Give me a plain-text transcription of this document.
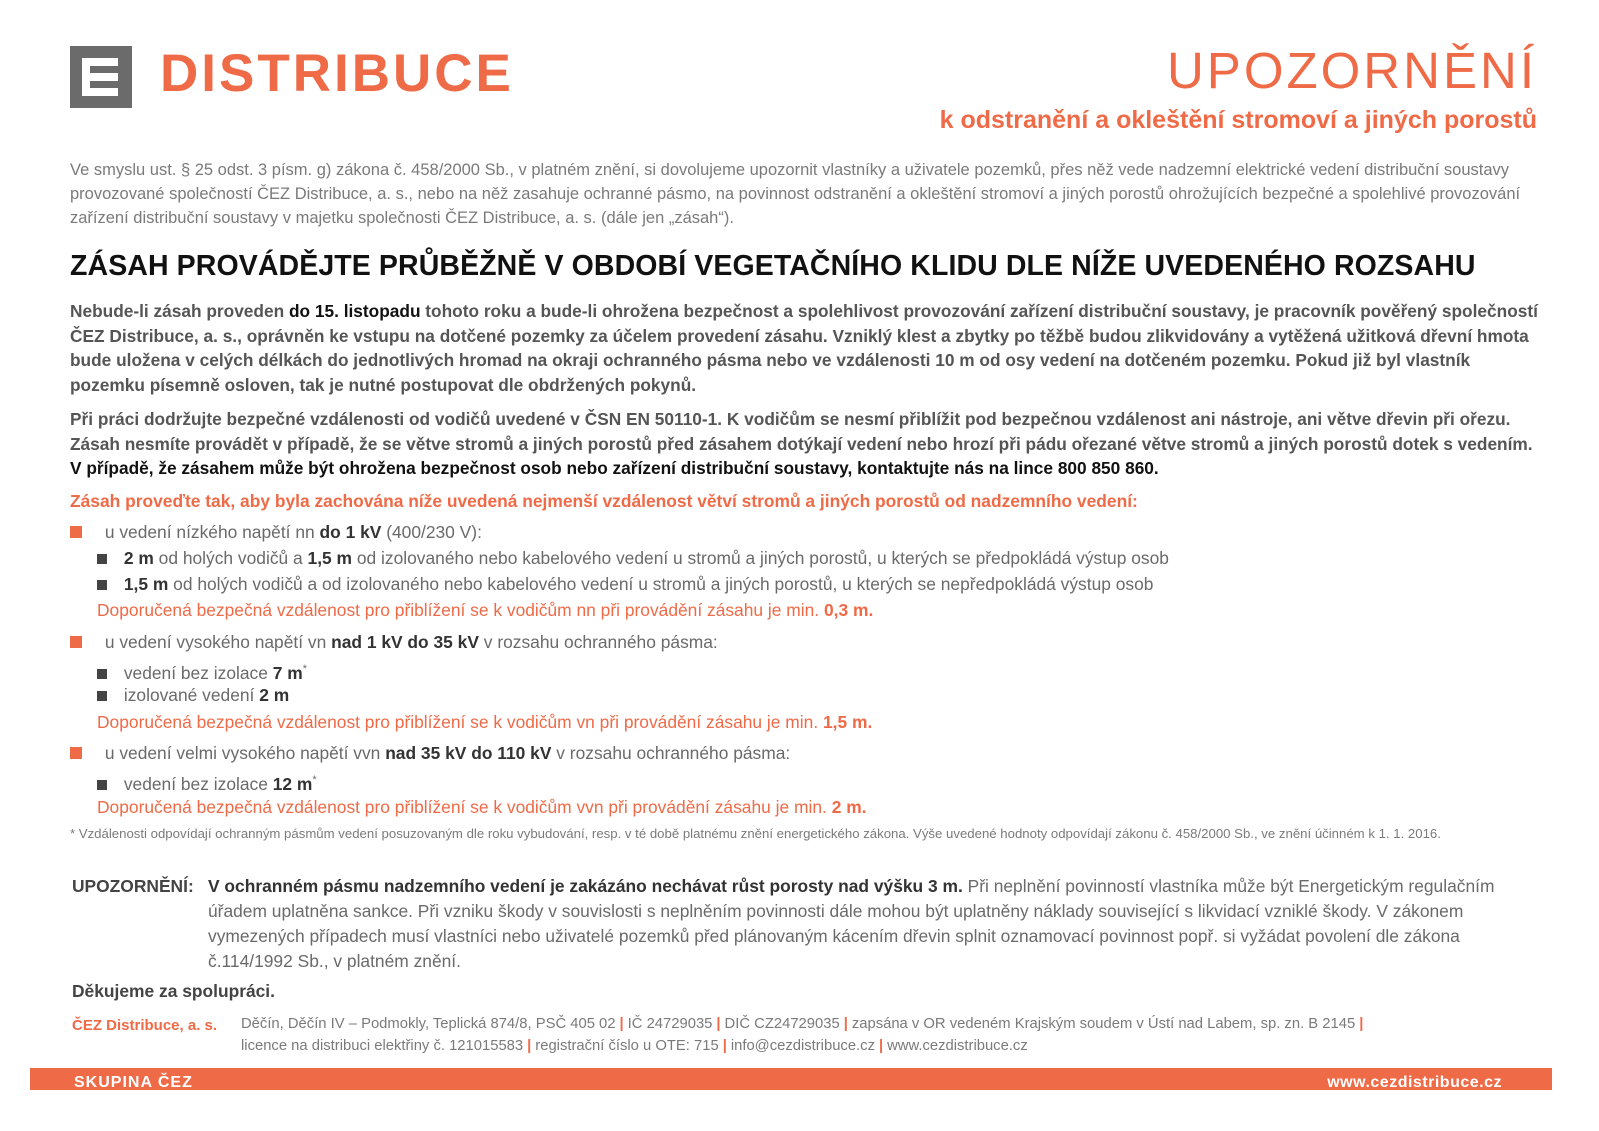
DISTRIBUCE	UPOZORNĚNÍ
k odstranění a okleštění stromoví a jiných porostů
Ve smyslu ust. § 25 odst. 3 písm. g) zákona č. 458/2000 Sb., v platném znění, si dovolujeme upozornit vlastníky a uživatele pozemků, přes něž vede nadzemní elektrické vedení distribuční soustavy provozované společností ČEZ Distribuce, a. s., nebo na něž zasahuje ochranné pásmo, na povinnost odstranění a okleštění stromoví a jiných porostů ohrožujících bezpečné a spolehlivé provozování zařízení distribuční soustavy v majetku společnosti ČEZ Distribuce, a. s. (dále jen „zásah“).
ZÁSAH PROVÁDĚJTE PRŮBĚŽNĚ V OBDOBÍ VEGETAČNÍHO KLIDU DLE NÍŽE UVEDENÉHO ROZSAHU
Nebude-li zásah proveden do 15. listopadu tohoto roku a bude-li ohrožena bezpečnost a spolehlivost provozování zařízení distribuční soustavy, je pracovník pověřený společností ČEZ Distribuce, a. s., oprávněn ke vstupu na dotčené pozemky za účelem provedení zásahu. Vzniklý klest a zbytky po těžbě budou zlikvidovány a vytěžená užitková dřevní hmota bude uložena v celých délkách do jednotlivých hromad na okraji ochranného pásma nebo ve vzdálenosti 10 m od osy vedení na dotčeném pozemku. Pokud již byl vlastník pozemku písemně osloven, tak je nutné postupovat dle obdržených pokynů.
Při práci dodržujte bezpečné vzdálenosti od vodičů uvedené v ČSN EN 50110-1. K vodičům se nesmí přiblížit pod bezpečnou vzdálenost ani nástroje, ani větve dřevin při ořezu. Zásah nesmíte provádět v případě, že se větve stromů a jiných porostů před zásahem dotýkají vedení nebo hrozí při pádu ořezané větve stromů a jiných porostů dotek s vedením. V případě, že zásahem může být ohrožena bezpečnost osob nebo zařízení distribuční soustavy, kontaktujte nás na lince 800 850 860.
Zásah proveďte tak, aby byla zachována níže uvedená nejmenší vzdálenost větví stromů a jiných porostů od nadzemního vedení:
u vedení nízkého napětí nn do 1 kV (400/230 V):
2 m od holých vodičů a 1,5 m od izolovaného nebo kabelového vedení u stromů a jiných porostů, u kterých se předpokládá výstup osob
1,5 m od holých vodičů a od izolovaného nebo kabelového vedení u stromů a jiných porostů, u kterých se nepředpokládá výstup osob
Doporučená bezpečná vzdálenost pro přiblížení se k vodičům nn při provádění zásahu je min. 0,3 m.
u vedení vysokého napětí vn nad 1 kV do 35 kV v rozsahu ochranného pásma:
vedení bez izolace 7 m*
izolované vedení 2 m
Doporučená bezpečná vzdálenost pro přiblížení se k vodičům vn při provádění zásahu je min. 1,5 m.
u vedení velmi vysokého napětí vvn nad 35 kV do 110 kV v rozsahu ochranného pásma:
vedení bez izolace 12 m*
Doporučená bezpečná vzdálenost pro přiblížení se k vodičům vvn při provádění zásahu je min. 2 m.
* Vzdálenosti odpovídají ochranným pásmům vedení posuzovaným dle roku vybudování, resp. v té době platnému znění energetického zákona. Výše uvedené hodnoty odpovídají zákonu č. 458/2000 Sb., ve znění účinném k 1. 1. 2016.
UPOZORNĚNÍ: V ochranném pásmu nadzemního vedení je zakázáno nechávat růst porosty nad výšku 3 m. Při neplnění povinností vlastníka může být Energetickým regulačním úřadem uplatněna sankce. Při vzniku škody v souvislosti s neplněním povinnosti dále mohou být uplatněny náklady související s likvidací vzniklé škody. V zákonem vymezených případech musí vlastníci nebo uživatelé pozemků před plánovaným kácením dřevin splnit oznamovací povinnost popř. si vyžádat povolení dle zákona č.114/1992 Sb., v platném znění.
Děkujeme za spolupráci.
ČEZ Distribuce, a. s. Děčín, Děčín IV – Podmokly, Teplická 874/8, PSČ 405 02 | IČ 24729035 | DIČ CZ24729035 | zapsána v OR vedeném Krajským soudem v Ústí nad Labem, sp. zn. B 2145 |
licence na distribuci elektřiny č. 121015583 | registrační číslo u OTE: 715 | info@cezdistribuce.cz | www.cezdistribuce.cz
SKUPINA ČEZ	www.cezdistribuce.cz
